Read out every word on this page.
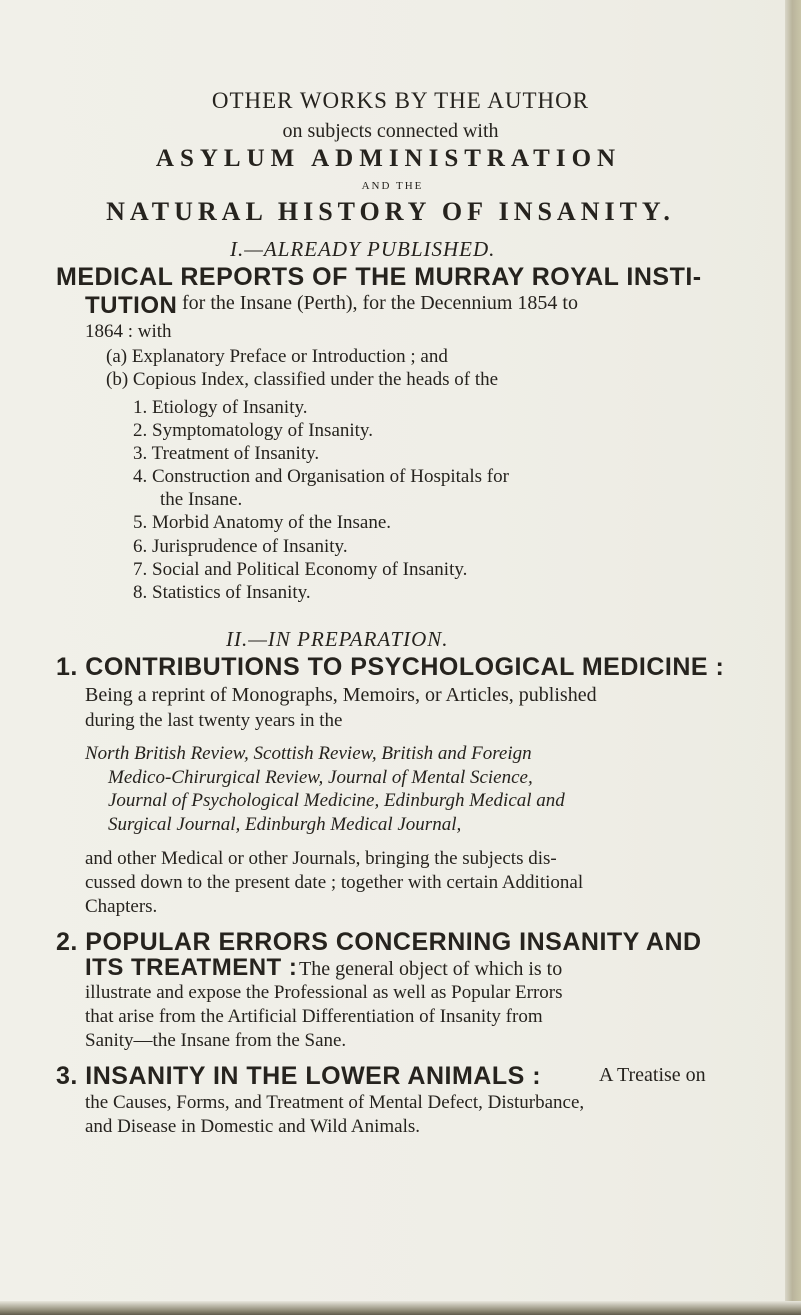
OTHER WORKS BY THE AUTHOR
on subjects connected with
ASYLUM ADMINISTRATION
AND THE
NATURAL HISTORY OF INSANITY.
I.—ALREADY PUBLISHED.
MEDICAL REPORTS OF THE MURRAY ROYAL INSTI-
TUTION for the Insane (Perth), for the Decennium 1854 to
1864 : with
(a) Explanatory Preface or Introduction ; and
(b) Copious Index, classified under the heads of the
1. Etiology of Insanity.
2. Symptomatology of Insanity.
3. Treatment of Insanity.
4. Construction and Organisation of Hospitals for
the Insane.
5. Morbid Anatomy of the Insane.
6. Jurisprudence of Insanity.
7. Social and Political Economy of Insanity.
8. Statistics of Insanity.
II.—IN PREPARATION.
1. CONTRIBUTIONS TO PSYCHOLOGICAL MEDICINE :
Being a reprint of Monographs, Memoirs, or Articles, published
during the last twenty years in the
North British Review, Scottish Review, British and Foreign
Medico-Chirurgical Review, Journal of Mental Science,
Journal of Psychological Medicine, Edinburgh Medical and
Surgical Journal, Edinburgh Medical Journal,
and other Medical or other Journals, bringing the subjects dis-
cussed down to the present date ; together with certain Additional
Chapters.
2. POPULAR ERRORS CONCERNING INSANITY AND
ITS TREATMENT : The general object of which is to
illustrate and expose the Professional as well as Popular Errors
that arise from the Artificial Differentiation of Insanity from
Sanity—the Insane from the Sane.
3. INSANITY IN THE LOWER ANIMALS :	A Treatise on
the Causes, Forms, and Treatment of Mental Defect, Disturbance,
and Disease in Domestic and Wild Animals.
